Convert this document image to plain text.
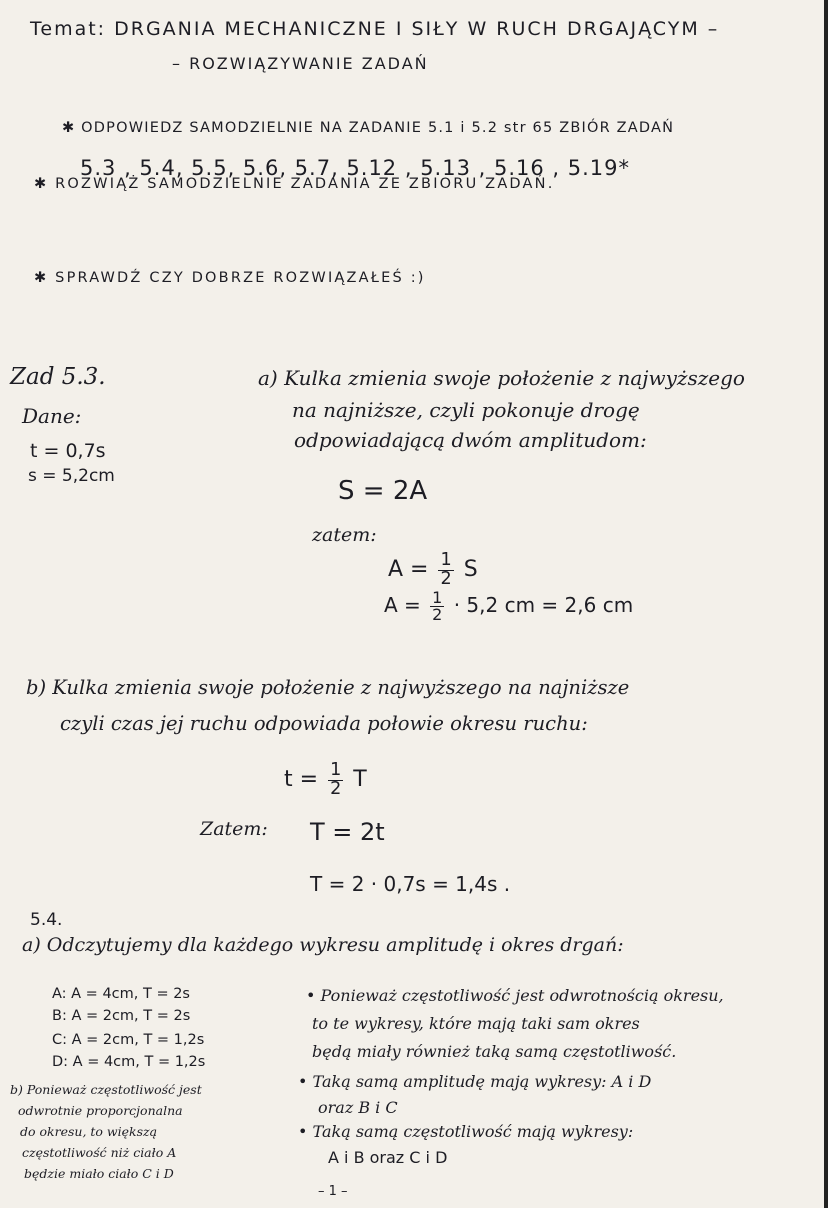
Temat: DRGANIA MECHANICZNE I SIŁY W RUCH DRGAJĄCYM –
– ROZWIĄZYWANIE ZADAŃ
✱ ODPOWIEDZ SAMODZIELNIE NA ZADANIE 5.1 i 5.2 str 65 ZBIÓR ZADAŃ
5.3 , 5.4, 5.5, 5.6, 5.7, 5.12 , 5.13 , 5.16 , 5.19*
✱ ROZWIĄŻ SAMODZIELNIE ZADANIA ZE ZBIORU ZADAŃ.
✱ SPRAWDŹ CZY DOBRZE ROZWIĄZAŁEŚ :)
Zad 5.3.
Dane:
t = 0,7s
s = 5,2cm
a) Kulka zmienia swoje położenie z najwyższego
na najniższe, czyli pokonuje drogę
odpowiadającą dwóm amplitudom:
S = 2A
zatem:
$A = \frac{1}{2}$ S
$A = \frac{1}{2} \cdot 5,2$ cm = 2,6 cm
b) Kulka zmienia swoje położenie z najwyższego na najniższe
czyli czas jej ruchu odpowiada połowie okresu ruchu:
$t = \frac{1}{2}$ T
Zatem: T = 2t
T = 2 · 0,7s = 1,4s .
5.4.
a) Odczytujemy dla każdego wykresu amplitudę i okres drgań:
A: A = 4cm, T = 2s
B: A = 2cm, T = 2s
C: A = 2cm, T = 1,2s
D: A = 4cm, T = 1,2s
• Ponieważ częstotliwość jest odwrotnością okresu,
to te wykresy, które mają taki sam okres
będą miały również taką samą częstotliwość.
• Taką samą amplitudę mają wykresy: A i D
oraz B i C
• Taką samą częstotliwość mają wykresy:
A i B oraz C i D
b) Ponieważ częstotliwość jest
odwrotnie proporcjonalna
do okresu, to większą
częstotliwość niż ciało A
będzie miało ciało C i D
– 1 –
